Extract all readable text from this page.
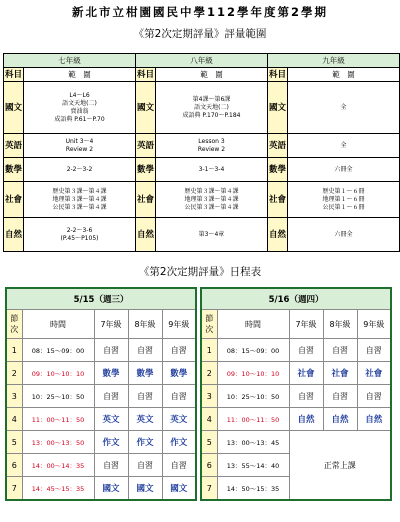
新北市立柑園國民中學112學年度第2學期
《第2次定期評量》評量範圍
《第2次定期評量》日程表
七年級	
科目	範　圍
國文	L4～L6
語文天地(二)
賣油翁
成語典 P.61～P.70
英語	Unit 3～4
Review 2
數學	2-2～3-2
社會	歷史第３課～第４課
地理第３課～第４課
公民第３課～第４課
自然	2-2～3-6
(P.45～P105)
八年級	
科目	範　圍
國文	第4課～第6課
語文天地(二)
成語典 P.170～P.184
英語	Lesson 3
Review 2
數學	3-1～3-4
社會	歷史第３課～第４課
地理第３課～第４課
公民第３課～第４課
自然	第3～4章
九年級	
科目	範　圍
國文	全
英語	全
數學	六冊全
社會	歷史第１～６冊
地理第１～６冊
公民第１～６冊
自然	六冊全
5/15（週三）				
節
次	時間	7年級	8年級	9年級
1	08：15～09：00	自習	自習	自習
2	09：10～10：10	數學	數學	數學
3	10：25～10：50	自習	自習	自習
4	11：00～11：50	英文	英文	英文
5	13：00～13：50	作文	作文	作文
6	14：00～14：35	自習	自習	自習
7	14：45～15：35	國文	國文	國文
5/16（週四）				
節
次	時間	7年級	8年級	9年級
1	08：15～09：00	自習	自習	自習
2	09：10～10：10	社會	社會	社會
3	10：25～10：50	自習	自習	自習
4	11：00～11：50	自然	自然	自然
5	13：00～13：45	正常上課		
6	13：55～14：40			
7	14：50～15：35			
